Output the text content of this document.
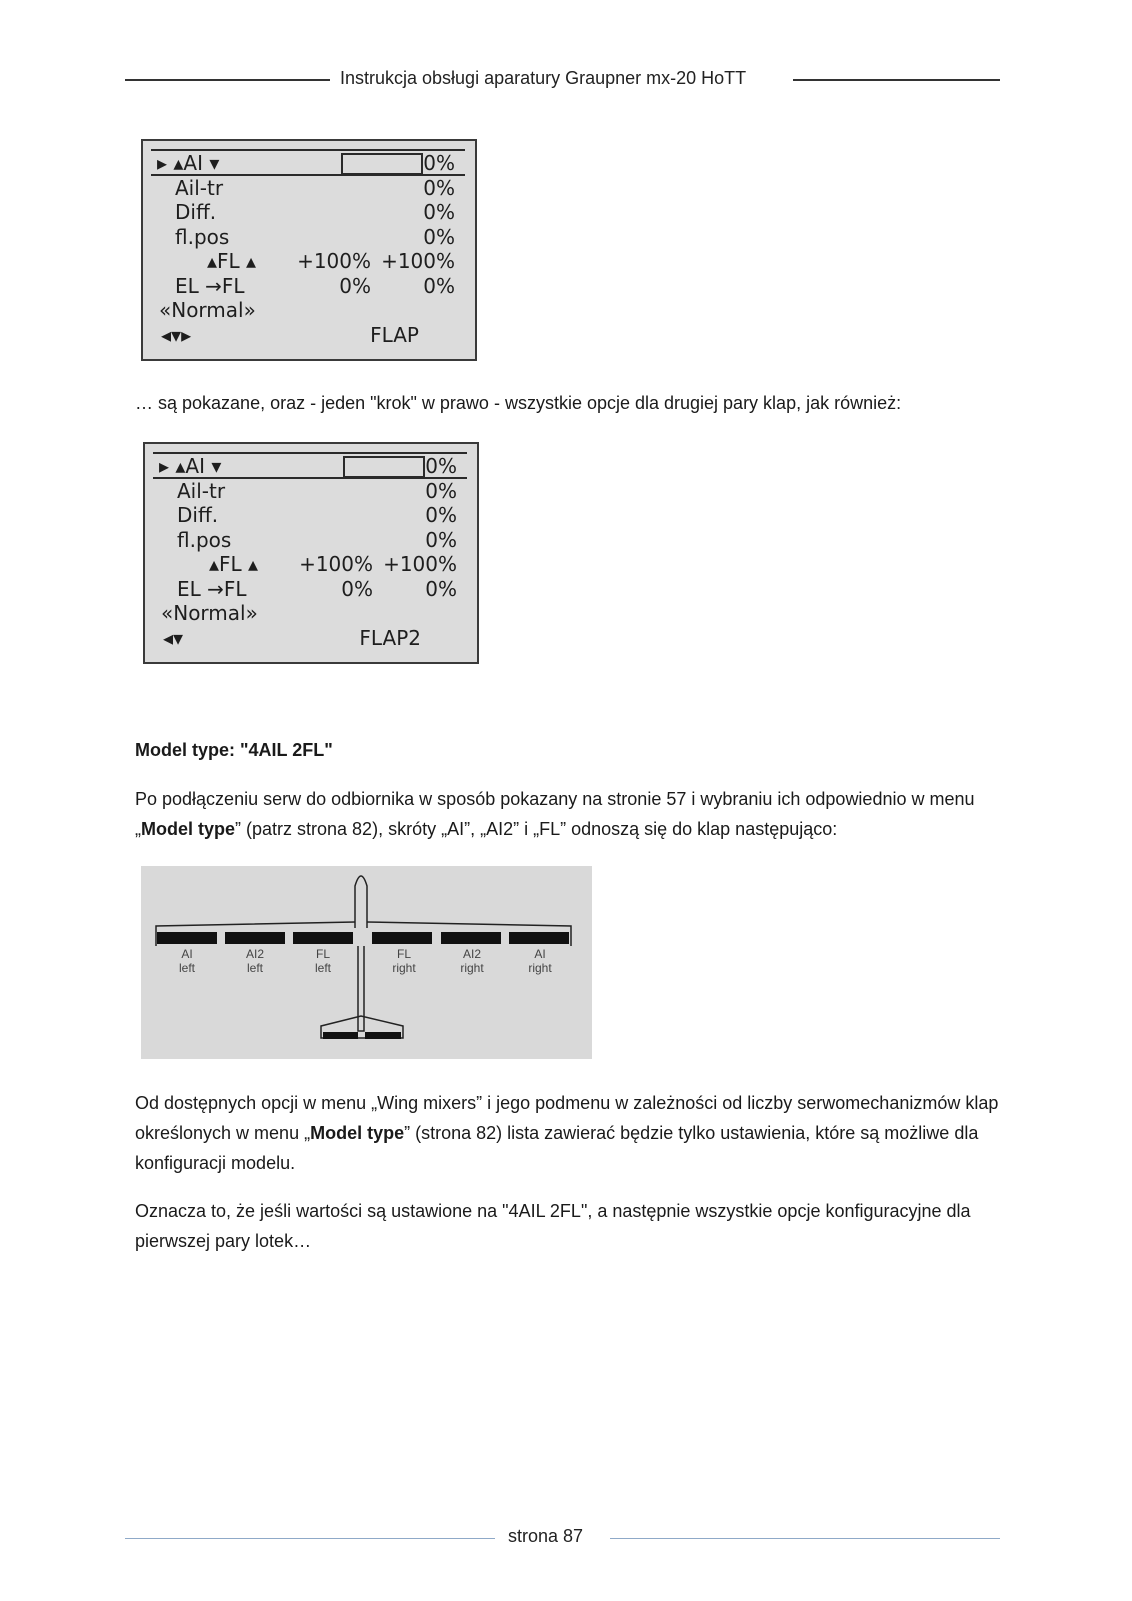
Instrukcja obsługi aparatury Graupner mx-20 HoTT
▸ ▴AI ▾	0%
Ail-tr	0%
Diff.	0%
fl.pos	0%
▴FL ▴ +100% +100%
EL →FL	0%	0%
«Normal»
◂▾▸	FLAP
… są pokazane, oraz - jeden "krok" w prawo - wszystkie opcje dla drugiej pary klap, jak również:
▸ ▴AI ▾	0%
Ail-tr	0%
Diff.	0%
fl.pos	0%
▴FL ▴ +100% +100%
EL →FL	0%	0%
«Normal»
◂▾	FLAP2
Model type: "4AIL 2FL"
Po podłączeniu serw do odbiornika w sposób pokazany na stronie 57 i wybraniu ich odpowiednio w menu „Model type” (patrz strona 82), skróty „AI”, „AI2” i „FL” odnoszą się do klap następująco:
AI
left
AI2
left
FL
left
FL
right
AI2
right
AI
right
Od dostępnych opcji w menu „Wing mixers” i jego podmenu w zależności od liczby serwomechanizmów klap określonych w menu „Model type” (strona 82) lista zawierać będzie tylko ustawienia, które są możliwe dla konfiguracji modelu.
Oznacza to, że jeśli wartości są ustawione na "4AIL 2FL", a następnie wszystkie opcje konfiguracyjne dla pierwszej pary lotek…
strona 87
